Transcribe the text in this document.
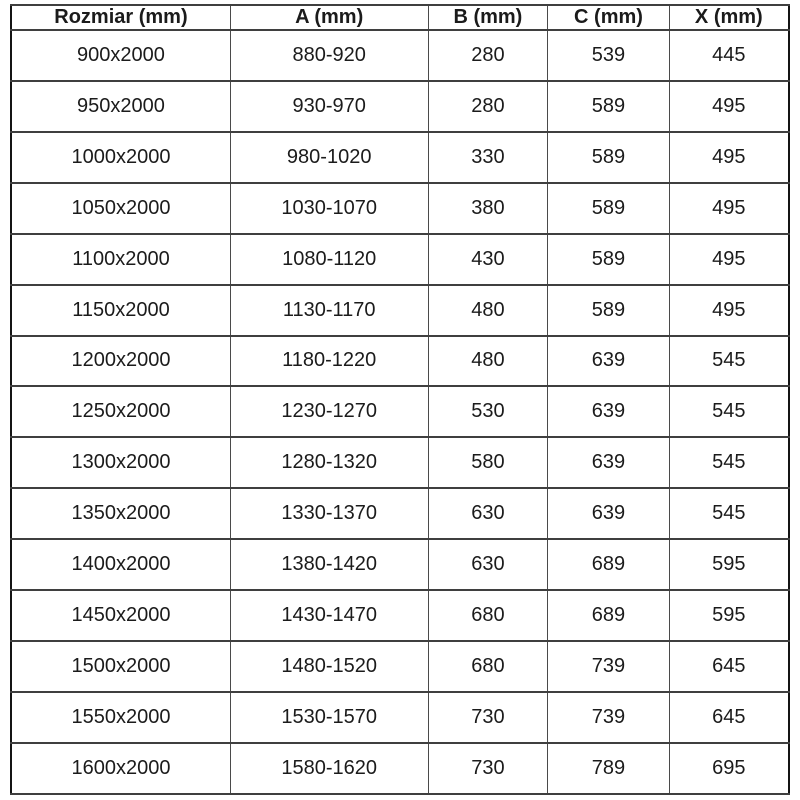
Rozmiar (mm)	A (mm)	B (mm)	C (mm)	X (mm)
900x2000	880-920	280	539	445
950x2000	930-970	280	589	495
1000x2000	980-1020	330	589	495
1050x2000	1030-1070	380	589	495
1100x2000	1080-1120	430	589	495
1150x2000	1130-1170	480	589	495
1200x2000	1180-1220	480	639	545
1250x2000	1230-1270	530	639	545
1300x2000	1280-1320	580	639	545
1350x2000	1330-1370	630	639	545
1400x2000	1380-1420	630	689	595
1450x2000	1430-1470	680	689	595
1500x2000	1480-1520	680	739	645
1550x2000	1530-1570	730	739	645
1600x2000	1580-1620	730	789	695
